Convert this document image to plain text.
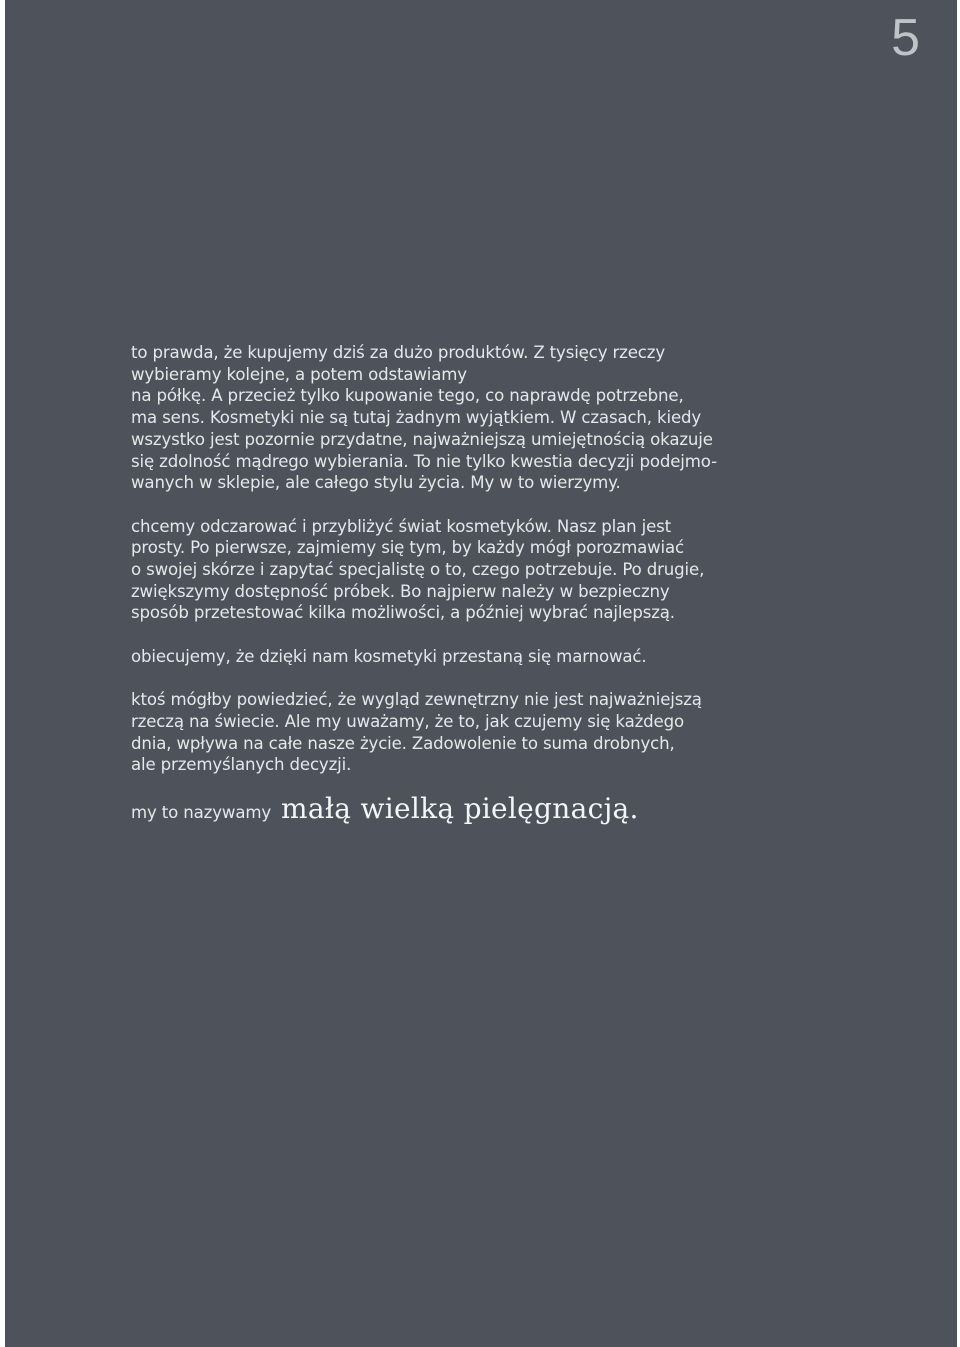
5
to prawda, że kupujemy dziś za dużo produktów. Z tysięcy rzeczy
wybieramy kolejne, a potem odstawiamy
na półkę. A przecież tylko kupowanie tego, co naprawdę potrzebne,
ma sens. Kosmetyki nie są tutaj żadnym wyjątkiem. W czasach, kiedy
wszystko jest pozornie przydatne, najważniejszą umiejętnością okazuje
się zdolność mądrego wybierania. To nie tylko kwestia decyzji podejmo-
wanych w sklepie, ale całego stylu życia. My w to wierzymy.
chcemy odczarować i przybliżyć świat kosmetyków. Nasz plan jest
prosty. Po pierwsze, zajmiemy się tym, by każdy mógł porozmawiać
o swojej skórze i zapytać specjalistę o to, czego potrzebuje. Po drugie,
zwiększymy dostępność próbek. Bo najpierw należy w bezpieczny
sposób przetestować kilka możliwości, a później wybrać najlepszą.
obiecujemy, że dzięki nam kosmetyki przestaną się marnować.
ktoś mógłby powiedzieć, że wygląd zewnętrzny nie jest najważniejszą
rzeczą na świecie. Ale my uważamy, że to, jak czujemy się każdego
dnia, wpływa na całe nasze życie. Zadowolenie to suma drobnych,
ale przemyślanych decyzji.
my to nazywamy małą wielką pielęgnacją.
